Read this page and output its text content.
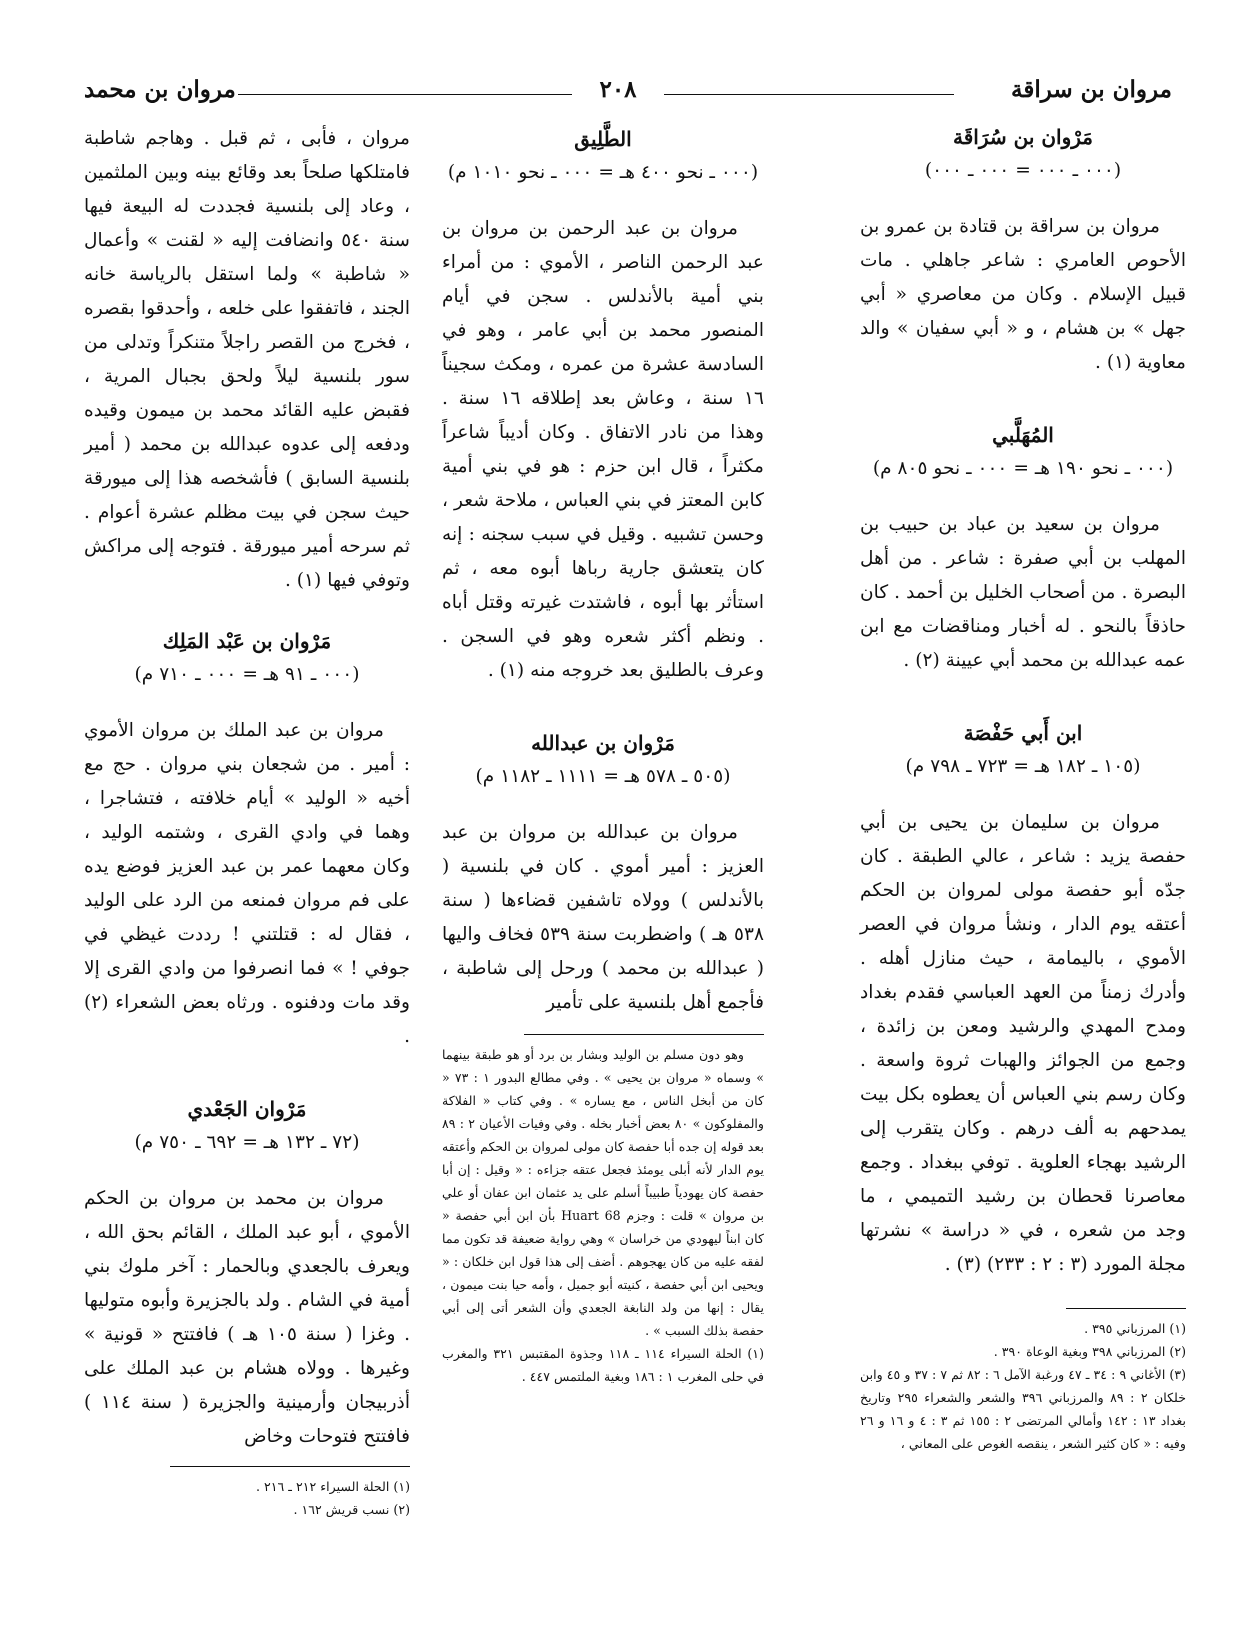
مروان بن سراقة
٢٠٨
مروان بن محمد

مَرْوان بن سُرَاقَة

(٠٠٠ ـ ٠٠٠ = ٠٠٠ ـ ٠٠٠)

مروان بن سراقة بن قتادة بن عمرو بن الأحوص العامري : شاعر جاهلي . مات قبيل الإسلام . وكان من معاصري « أبي جهل » بن هشام ، و « أبي سفيان » والد معاوية (١) .

المُهَلَّبي

(٠٠٠ ـ نحو ١٩٠ هـ = ٠٠٠ ـ نحو ٨٠٥ م)

مروان بن سعيد بن عباد بن حبيب بن المهلب بن أبي صفرة : شاعر . من أهل البصرة . من أصحاب الخليل بن أحمد . كان حاذقاً بالنحو . له أخبار ومناقضات مع ابن عمه عبدالله بن محمد أبي عيينة (٢) .

ابن أَبي حَفْصَة

(١٠٥ ـ ١٨٢ هـ = ٧٢٣ ـ ٧٩٨ م)

مروان بن سليمان بن يحيى بن أبي حفصة يزيد : شاعر ، عالي الطبقة . كان جدّه أبو حفصة مولى لمروان بن الحكم أعتقه يوم الدار ، ونشأ مروان في العصر الأموي ، باليمامة ، حيث منازل أهله . وأدرك زمناً من العهد العباسي فقدم بغداد ومدح المهدي والرشيد ومعن بن زائدة ، وجمع من الجوائز والهبات ثروة واسعة . وكان رسم بني العباس أن يعطوه بكل بيت يمدحهم به ألف درهم . وكان يتقرب إلى الرشيد بهجاء العلوية . توفي ببغداد . وجمع معاصرنا قحطان بن رشيد التميمي ، ما وجد من شعره ، في « دراسة » نشرتها مجلة المورد (٣ : ٢ : ٢٣٣) (٣) .

(١) المرزباني ٣٩٥ .

(٢) المرزباني ٣٩٨ وبغية الوعاة ٣٩٠ .

(٣) الأغاني ٩ : ٣٤ ـ ٤٧ ورغبة الآمل ٦ : ٨٢ ثم ٧ : ٣٧ و ٤٥ وابن خلكان ٢ : ٨٩ والمرزباني ٣٩٦ والشعر والشعراء ٢٩٥ وتاريخ بغداد ١٣ : ١٤٢ وأمالي المرتضى ٢ : ١٥٥ ثم ٣ : ٤ و ١٦ و ٢٦ وفيه : « كان كثير الشعر ، ينقصه الغوص على المعاني ،

الطَّلِيق

(٠٠٠ ـ نحو ٤٠٠ هـ = ٠٠٠ ـ نحو ١٠١٠ م)

مروان بن عبد الرحمن بن مروان بن عبد الرحمن الناصر ، الأموي : من أمراء بني أمية بالأندلس . سجن في أيام المنصور محمد بن أبي عامر ، وهو في السادسة عشرة من عمره ، ومكث سجيناً ١٦ سنة ، وعاش بعد إطلاقه ١٦ سنة . وهذا من نادر الاتفاق . وكان أديباً شاعراً مكثراً ، قال ابن حزم : هو في بني أمية كابن المعتز في بني العباس ، ملاحة شعر ، وحسن تشبيه . وقيل في سبب سجنه : إنه كان يتعشق جارية رباها أبوه معه ، ثم استأثر بها أبوه ، فاشتدت غيرته وقتل أباه . ونظم أكثر شعره وهو في السجن . وعرف بالطليق بعد خروجه منه (١) .

مَرْوان بن عبدالله

(٥٠٥ ـ ٥٧٨ هـ = ١١١١ ـ ١١٨٢ م)

مروان بن عبدالله بن مروان بن عبد العزيز : أمير أموي . كان في بلنسية ( بالأندلس ) وولاه تاشفين قضاءها ( سنة ٥٣٨ هـ ) واضطربت سنة ٥٣٩ فخاف واليها ( عبدالله بن محمد ) ورحل إلى شاطبة ، فأجمع أهل بلنسية على تأمير

وهو دون مسلم بن الوليد وبشار بن برد أو هو طبقة بينهما » وسماه « مروان بن يحيى » . وفي مطالع البدور ١ : ٧٣ « كان من أبخل الناس ، مع يساره » . وفي كتاب « الفلاكة والمفلوكون » ٨٠ بعض أخبار بخله . وفي وفيات الأعيان ٢ : ٨٩ بعد قوله إن جده أبا حفصة كان مولى لمروان بن الحكم وأعتقه يوم الدار لأنه أبلى يومئذ فجعل عتقه جزاءه : « وقيل : إن أبا حفصة كان يهودياً طبيباً أسلم على يد عثمان ابن عفان أو علي بن مروان » قلت : وجزم Huart 68 بأن ابن أبي حفصة « كان ابناً ليهودي من خراسان » وهي رواية ضعيفة قد تكون مما لفقه عليه من كان يهجوهم . أضف إلى هذا قول ابن خلكان : « ويحيى ابن أبي حفصة ، كنيته أبو جميل ، وأمه حيا بنت ميمون ، يقال : إنها من ولد النابغة الجعدي وأن الشعر أتى إلى أبي حفصة بذلك السبب » .

(١) الحلة السيراء ١١٤ ـ ١١٨ وجذوة المقتبس ٣٢١ والمغرب في حلى المغرب ١ : ١٨٦ وبغية الملتمس ٤٤٧ .

مروان ، فأبى ، ثم قبل . وهاجم شاطبة فامتلكها صلحاً بعد وقائع بينه وبين الملثمين ، وعاد إلى بلنسية فجددت له البيعة فيها سنة ٥٤٠ وانضافت إليه « لقنت » وأعمال « شاطبة » ولما استقل بالرياسة خانه الجند ، فاتفقوا على خلعه ، وأحدقوا بقصره ، فخرج من القصر راجلاً متنكراً وتدلى من سور بلنسية ليلاً ولحق بجبال المرية ، فقبض عليه القائد محمد بن ميمون وقيده ودفعه إلى عدوه عبدالله بن محمد ( أمير بلنسية السابق ) فأشخصه هذا إلى ميورقة حيث سجن في بيت مظلم عشرة أعوام . ثم سرحه أمير ميورقة . فتوجه إلى مراكش وتوفي فيها (١) .

مَرْوان بن عَبْد المَلِك

(٠٠٠ ـ ٩١ هـ = ٠٠٠ ـ ٧١٠ م)

مروان بن عبد الملك بن مروان الأموي : أمير . من شجعان بني مروان . حج مع أخيه « الوليد » أيام خلافته ، فتشاجرا ، وهما في وادي القرى ، وشتمه الوليد ، وكان معهما عمر بن عبد العزيز فوضع يده على فم مروان فمنعه من الرد على الوليد ، فقال له : قتلتني ! رددت غيظي في جوفي ! » فما انصرفوا من وادي القرى إلا وقد مات ودفنوه . ورثاه بعض الشعراء (٢) .

مَرْوان الجَعْدي

(٧٢ ـ ١٣٢ هـ = ٦٩٢ ـ ٧٥٠ م)

مروان بن محمد بن مروان بن الحكم الأموي ، أبو عبد الملك ، القائم بحق الله ، ويعرف بالجعدي وبالحمار : آخر ملوك بني أمية في الشام . ولد بالجزيرة وأبوه متوليها . وغزا ( سنة ١٠٥ هـ ) فافتتح « قونية » وغيرها . وولاه هشام بن عبد الملك على أذربيجان وأرمينية والجزيرة ( سنة ١١٤ ) فافتتح فتوحات وخاض

(١) الحلة السيراء ٢١٢ ـ ٢١٦ .

(٢) نسب قريش ١٦٢ .
